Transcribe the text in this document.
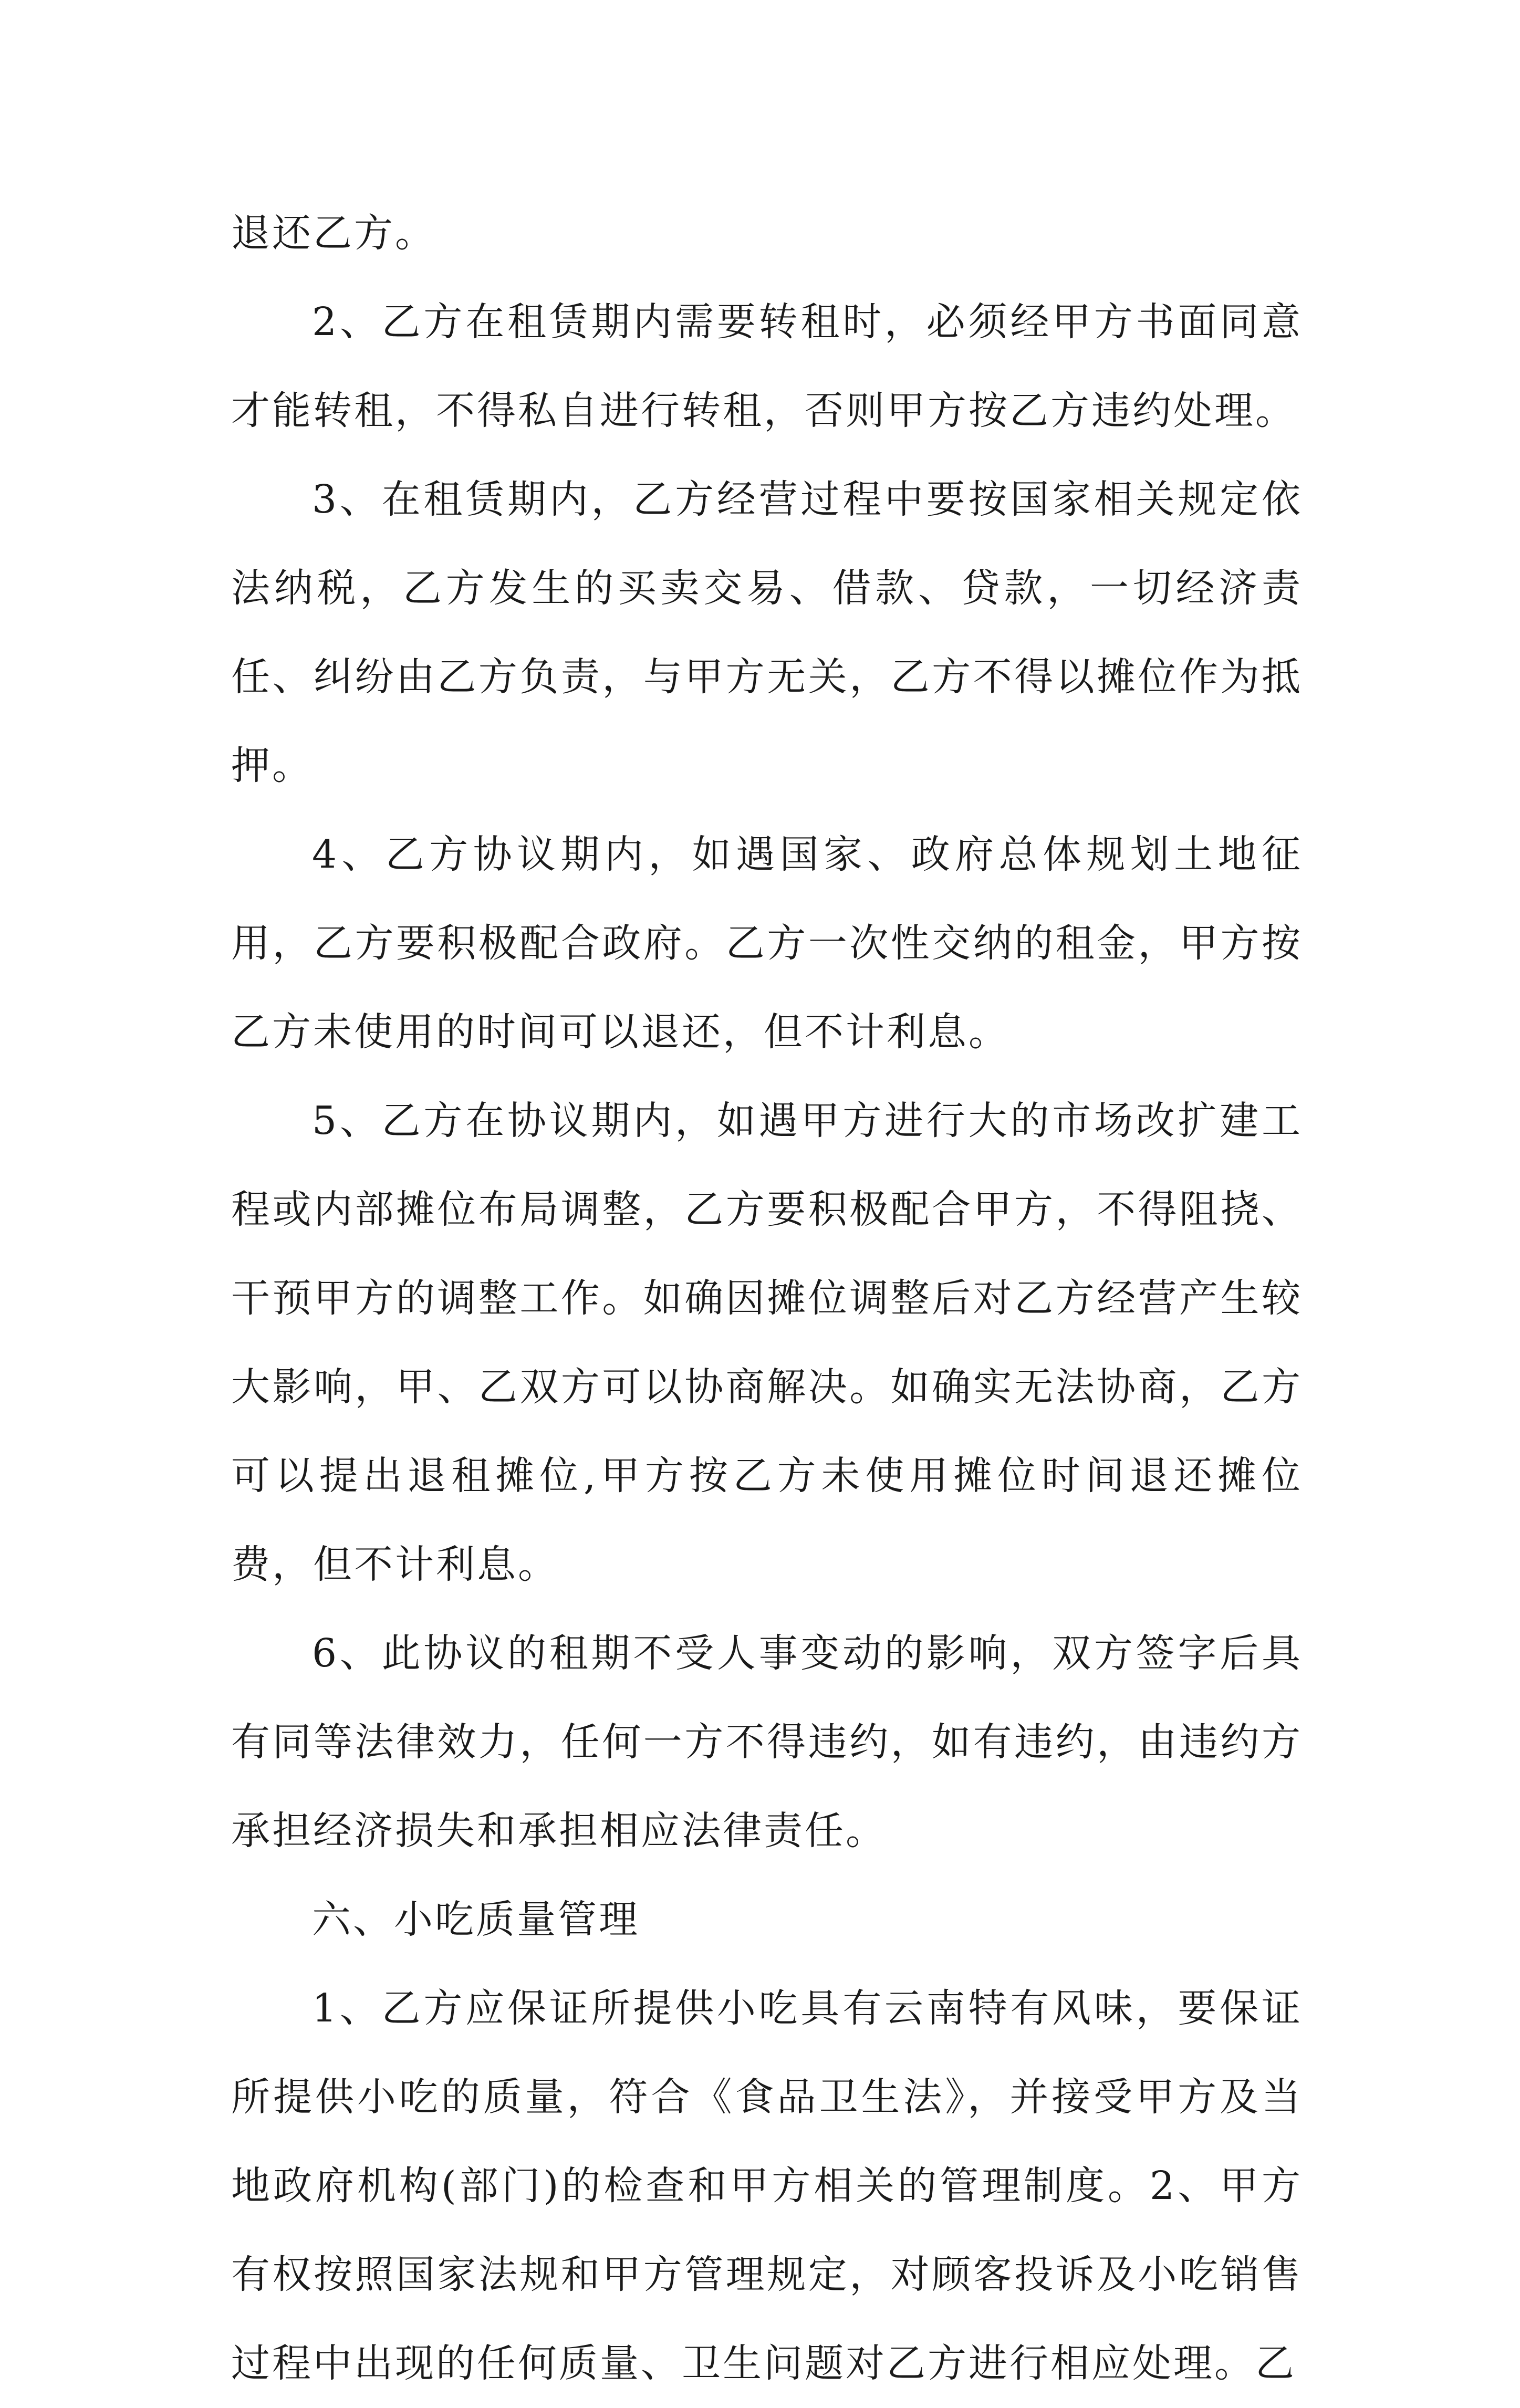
退还乙方。

2、乙方在租赁期内需要转租时，必须经甲方书面同意才能转租，不得私自进行转租，否则甲方按乙方违约处理。

3、在租赁期内，乙方经营过程中要按国家相关规定依法纳税，乙方发生的买卖交易、借款、贷款，一切经济责任、纠纷由乙方负责，与甲方无关，乙方不得以摊位作为抵押。

4、乙方协议期内，如遇国家、政府总体规划土地征用，乙方要积极配合政府。乙方一次性交纳的租金，甲方按乙方未使用的时间可以退还，但不计利息。

5、乙方在协议期内，如遇甲方进行大的市场改扩建工程或内部摊位布局调整，乙方要积极配合甲方，不得阻挠、干预甲方的调整工作。如确因摊位调整后对乙方经营产生较大影响，甲、乙双方可以协商解决。如确实无法协商，乙方可以提出退租摊位,甲方按乙方未使用摊位时间退还摊位费，但不计利息。

6、此协议的租期不受人事变动的影响，双方签字后具有同等法律效力，任何一方不得违约，如有违约，由违约方承担经济损失和承担相应法律责任。

六、小吃质量管理

1、乙方应保证所提供小吃具有云南特有风味，要保证所提供小吃的质量，符合《食品卫生法》，并接受甲方及当地政府机构(部门)的检查和甲方相关的管理制度。2、甲方有权按照国家法规和甲方管理规定，对顾客投诉及小吃销售过程中出现的任何质量、卫生问题对乙方进行相应处理。乙
